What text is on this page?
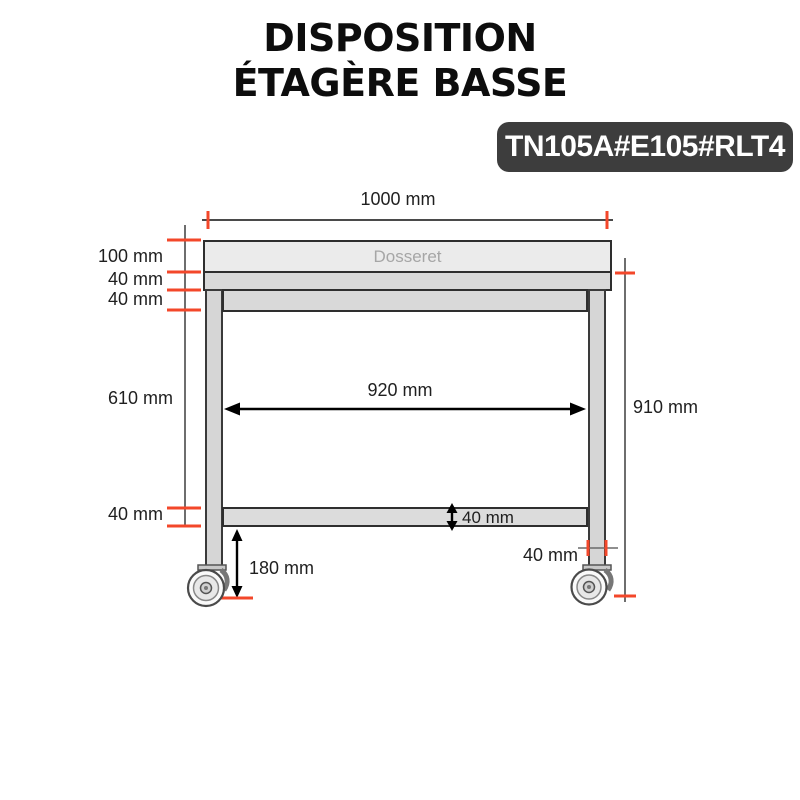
DISPOSITION
ÉTAGÈRE BASSE
TN105A#E105#RLT4
Dosseret
1000 mm
100 mm
40 mm
40 mm
610 mm
40 mm
920 mm
910 mm
40 mm
180 mm
40 mm
